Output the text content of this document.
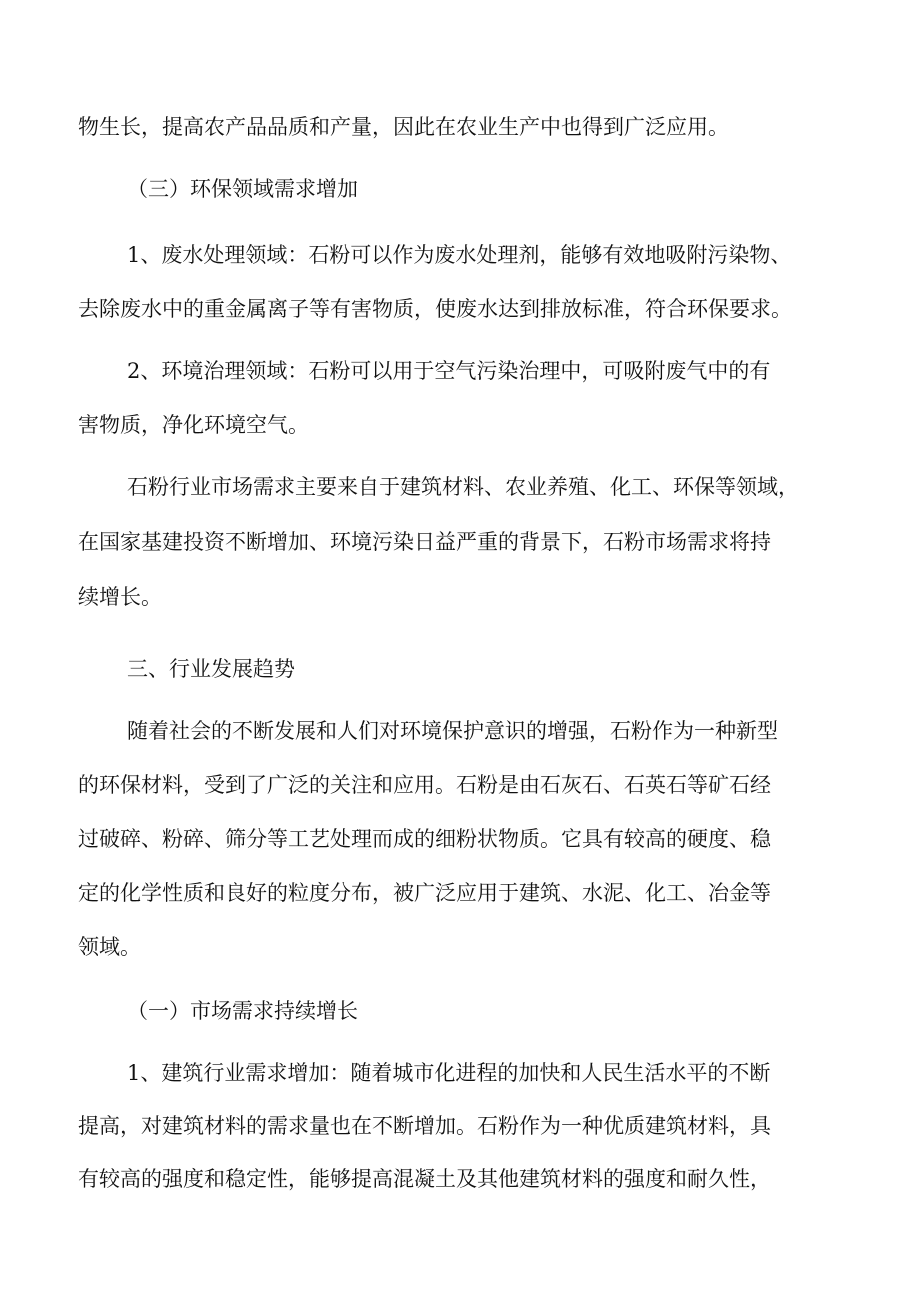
物生长，提高农产品品质和产量，因此在农业生产中也得到广泛应用。
（三）环保领域需求增加
1、废水处理领域：石粉可以作为废水处理剂，能够有效地吸附污染物、
去除废水中的重金属离子等有害物质，使废水达到排放标准，符合环保要求。
2、环境治理领域：石粉可以用于空气污染治理中，可吸附废气中的有
害物质，净化环境空气。
石粉行业市场需求主要来自于建筑材料、农业养殖、化工、环保等领域，
在国家基建投资不断增加、环境污染日益严重的背景下，石粉市场需求将持
续增长。
三、行业发展趋势
随着社会的不断发展和人们对环境保护意识的增强，石粉作为一种新型
的环保材料，受到了广泛的关注和应用。石粉是由石灰石、石英石等矿石经
过破碎、粉碎、筛分等工艺处理而成的细粉状物质。它具有较高的硬度、稳
定的化学性质和良好的粒度分布，被广泛应用于建筑、水泥、化工、冶金等
领域。
（一）市场需求持续增长
1、建筑行业需求增加：随着城市化进程的加快和人民生活水平的不断
提高，对建筑材料的需求量也在不断增加。石粉作为一种优质建筑材料，具
有较高的强度和稳定性，能够提高混凝土及其他建筑材料的强度和耐久性，
